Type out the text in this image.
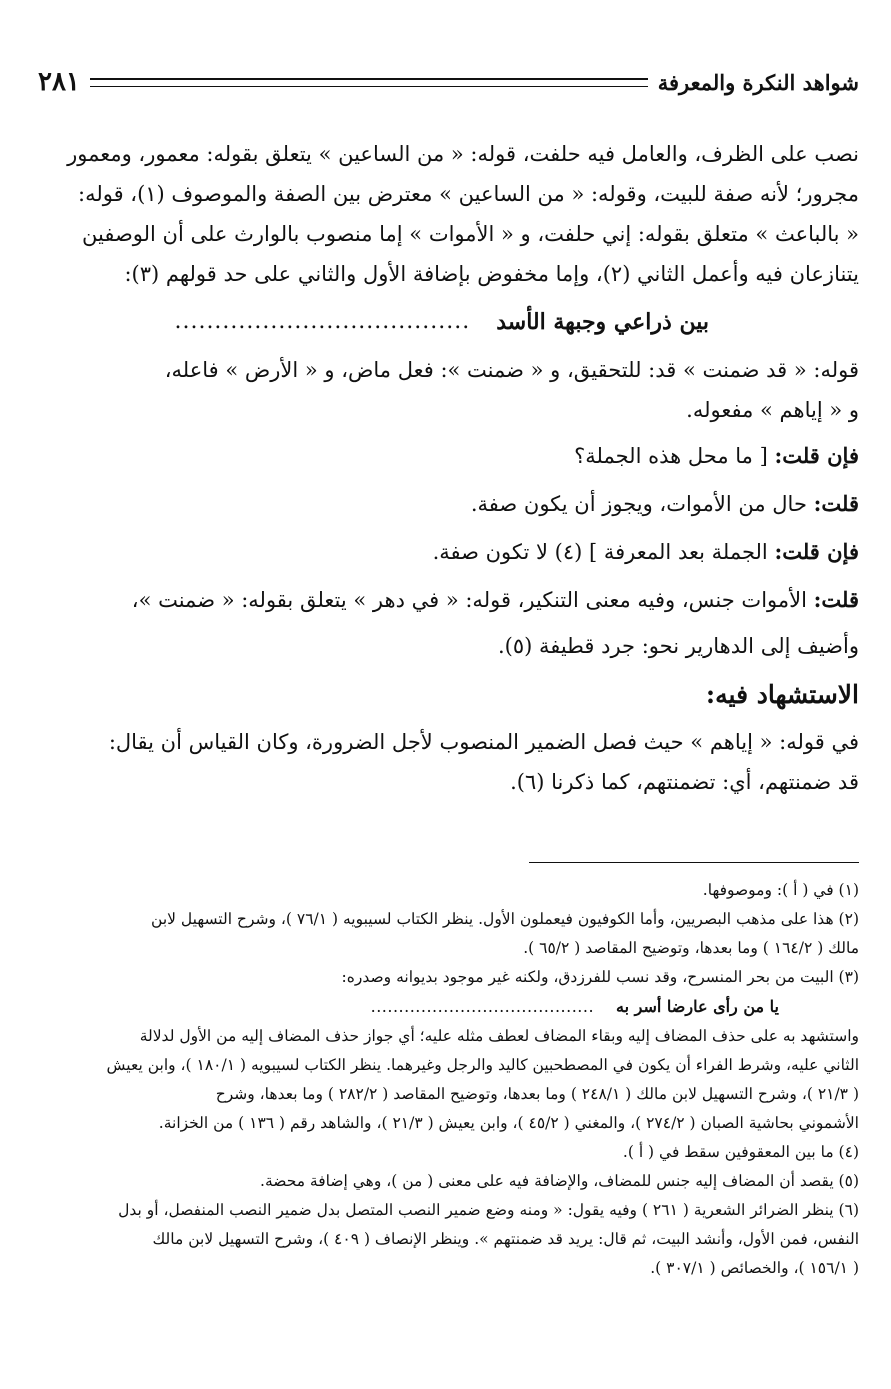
شواهد النكرة والمعرفة
٢٨١

نصب على الظرف، والعامل فيه حلفت، قوله: « من الساعين » يتعلق بقوله: معمور، ومعمور

مجرور؛ لأنه صفة للبيت، وقوله: « من الساعين » معترض بين الصفة والموصوف (١)، قوله:

« بالباعث » متعلق بقوله: إني حلفت، و « الأموات » إما منصوب بالوارث على أن الوصفين

يتنازعان فيه وأعمل الثاني (٢)، وإما مخفوض بإضافة الأول والثاني على حد قولهم (٣):

بين ذراعي وجبهة الأسد
.....................................

قوله: « قد ضمنت » قد: للتحقيق، و « ضمنت »: فعل ماض، و « الأرض » فاعله،

و « إياهم » مفعوله.

فإن قلت: [ ما محل هذه الجملة؟
قلت: حال من الأموات، ويجوز أن يكون صفة.
فإن قلت: الجملة بعد المعرفة ] (٤) لا تكون صفة.
قلت: الأموات جنس، وفيه معنى التنكير، قوله: « في دهر » يتعلق بقوله: « ضمنت »،

وأضيف إلى الدهارير نحو: جرد قطيفة (٥).

الاستشهاد فيه:

في قوله: « إياهم » حيث فصل الضمير المنصوب لأجل الضرورة، وكان القياس أن يقال:

قد ضمنتهم، أي: تضمنتهم، كما ذكرنا (٦).

(١) في ( أ ): وموصوفها.

(٢) هذا على مذهب البصريين، وأما الكوفيون فيعملون الأول. ينظر الكتاب لسيبويه ( ٧٦/١ )، وشرح التسهيل لابن

مالك ( ١٦٤/٢ ) وما بعدها، وتوضيح المقاصد ( ٦٥/٢ ).

(٣) البيت من بحر المنسرح، وقد نسب للفرزدق، ولكنه غير موجود بديوانه وصدره:

يا من رأى عارضا أسر به
........................................

واستشهد به على حذف المضاف إليه وبقاء المضاف لعطف مثله عليه؛ أي جواز حذف المضاف إليه من الأول لدلالة

الثاني عليه، وشرط الفراء أن يكون في المصطحبين كاليد والرجل وغيرهما. ينظر الكتاب لسيبويه ( ١٨٠/١ )، وابن يعيش

( ٢١/٣ )، وشرح التسهيل لابن مالك ( ٢٤٨/١ ) وما بعدها، وتوضيح المقاصد ( ٢٨٢/٢ ) وما بعدها، وشرح

الأشموني بحاشية الصبان ( ٢٧٤/٢ )، والمغني ( ٤٥/٢ )، وابن يعيش ( ٢١/٣ )، والشاهد رقم ( ١٣٦ ) من الخزانة.

(٤) ما بين المعقوفين سقط في ( أ ).

(٥) يقصد أن المضاف إليه جنس للمضاف، والإضافة فيه على معنى ( من )، وهي إضافة محضة.

(٦) ينظر الضرائر الشعرية ( ٢٦١ ) وفيه يقول: « ومنه وضع ضمير النصب المتصل بدل ضمير النصب المنفصل، أو بدل

النفس، فمن الأول، وأنشد البيت، ثم قال: يريد قد ضمنتهم ». وينظر الإنصاف ( ٤٠٩ )، وشرح التسهيل لابن مالك

( ١٥٦/١ )، والخصائص ( ٣٠٧/١ ).
